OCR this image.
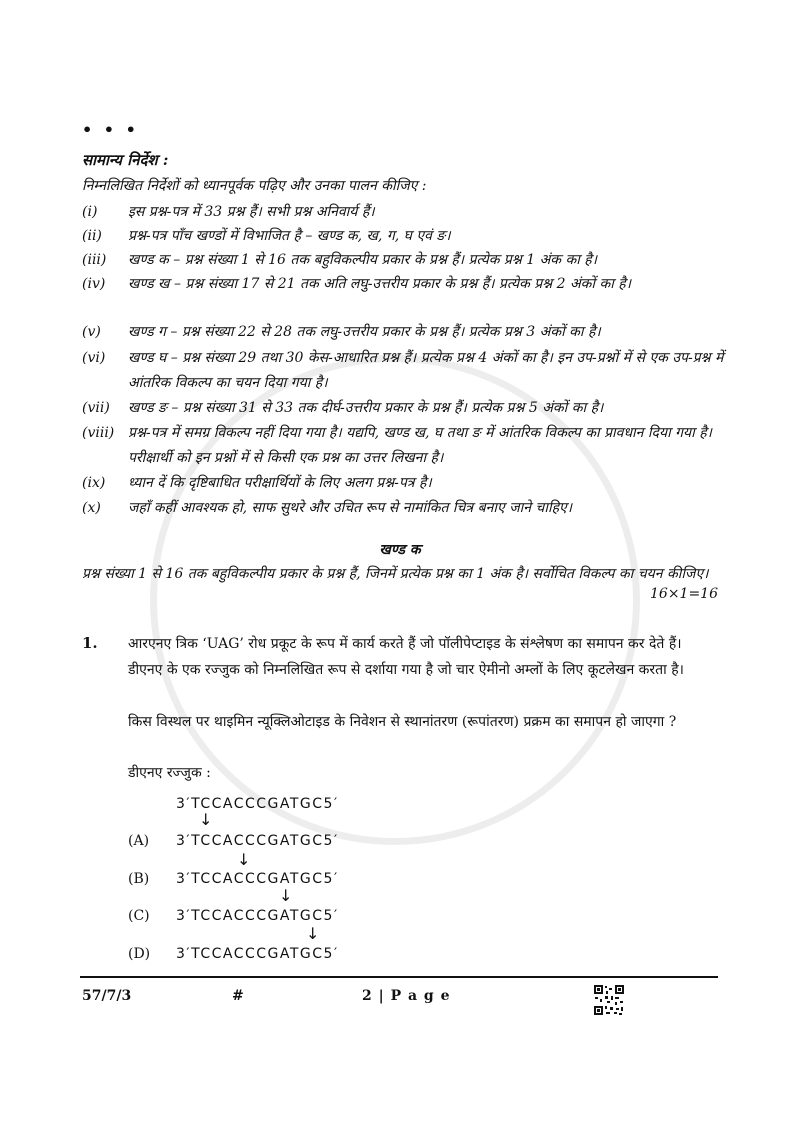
• • •
सामान्य निर्देश :
निम्नलिखित निर्देशों को ध्यानपूर्वक पढ़िए और उनका पालन कीजिए :
(i) इस प्रश्न-पत्र में 33 प्रश्न हैं। सभी प्रश्न अनिवार्य हैं।
(ii) प्रश्न-पत्र पाँच खण्डों में विभाजित है – खण्ड क, ख, ग, घ एवं ङ।
(iii) खण्ड क – प्रश्न संख्या 1 से 16 तक बहुविकल्पीय प्रकार के प्रश्न हैं। प्रत्येक प्रश्न 1 अंक का है।
(iv) खण्ड ख – प्रश्न संख्या 17 से 21 तक अति लघु-उत्तरीय प्रकार के प्रश्न हैं। प्रत्येक प्रश्न 2 अंकों का है।
(v) खण्ड ग – प्रश्न संख्या 22 से 28 तक लघु-उत्तरीय प्रकार के प्रश्न हैं। प्रत्येक प्रश्न 3 अंकों का है।
(vi) खण्ड घ – प्रश्न संख्या 29 तथा 30 केस-आधारित प्रश्न हैं। प्रत्येक प्रश्न 4 अंकों का है। इन उप-प्रश्नों में से एक उप-प्रश्न में आंतरिक विकल्प का चयन दिया गया है।
(vii) खण्ड ङ – प्रश्न संख्या 31 से 33 तक दीर्घ-उत्तरीय प्रकार के प्रश्न हैं। प्रत्येक प्रश्न 5 अंकों का है।
(viii) प्रश्न-पत्र में समग्र विकल्प नहीं दिया गया है। यद्यपि, खण्ड ख, घ तथा ङ में आंतरिक विकल्प का प्रावधान दिया गया है। परीक्षार्थी को इन प्रश्नों में से किसी एक प्रश्न का उत्तर लिखना है।
(ix) ध्यान दें कि दृष्टिबाधित परीक्षार्थियों के लिए अलग प्रश्न-पत्र है।
(x) जहाँ कहीं आवश्यक हो, साफ सुथरे और उचित रूप से नामांकित चित्र बनाए जाने चाहिए।
खण्ड क
प्रश्न संख्या 1 से 16 तक बहुविकल्पीय प्रकार के प्रश्न हैं, जिनमें प्रत्येक प्रश्न का 1 अंक है। सर्वोचित विकल्प का चयन कीजिए।
16×1=16
1. आरएनए त्रिक ‘UAG’ रोध प्रकूट के रूप में कार्य करते हैं जो पॉलीपेप्टाइड के संश्लेषण का समापन कर देते हैं। डीएनए के एक रज्जुक को निम्नलिखित रूप से दर्शाया गया है जो चार ऐमीनो अम्लों के लिए कूटलेखन करता है।
किस विस्थल पर थाइमिन न्यूक्लिओटाइड के निवेशन से स्थानांतरण (रूपांतरण) प्रक्रम का समापन हो जाएगा ?
डीएनए रज्जुक :
3′TCCACCCGATGC5′
↓
(A) 3′TCCACCCGATGC5′
↓
(B) 3′TCCACCCGATGC5′
↓
(C) 3′TCCACCCGATGC5′
↓
(D) 3′TCCACCCGATGC5′
57/7/3	#	2 | P a g e
